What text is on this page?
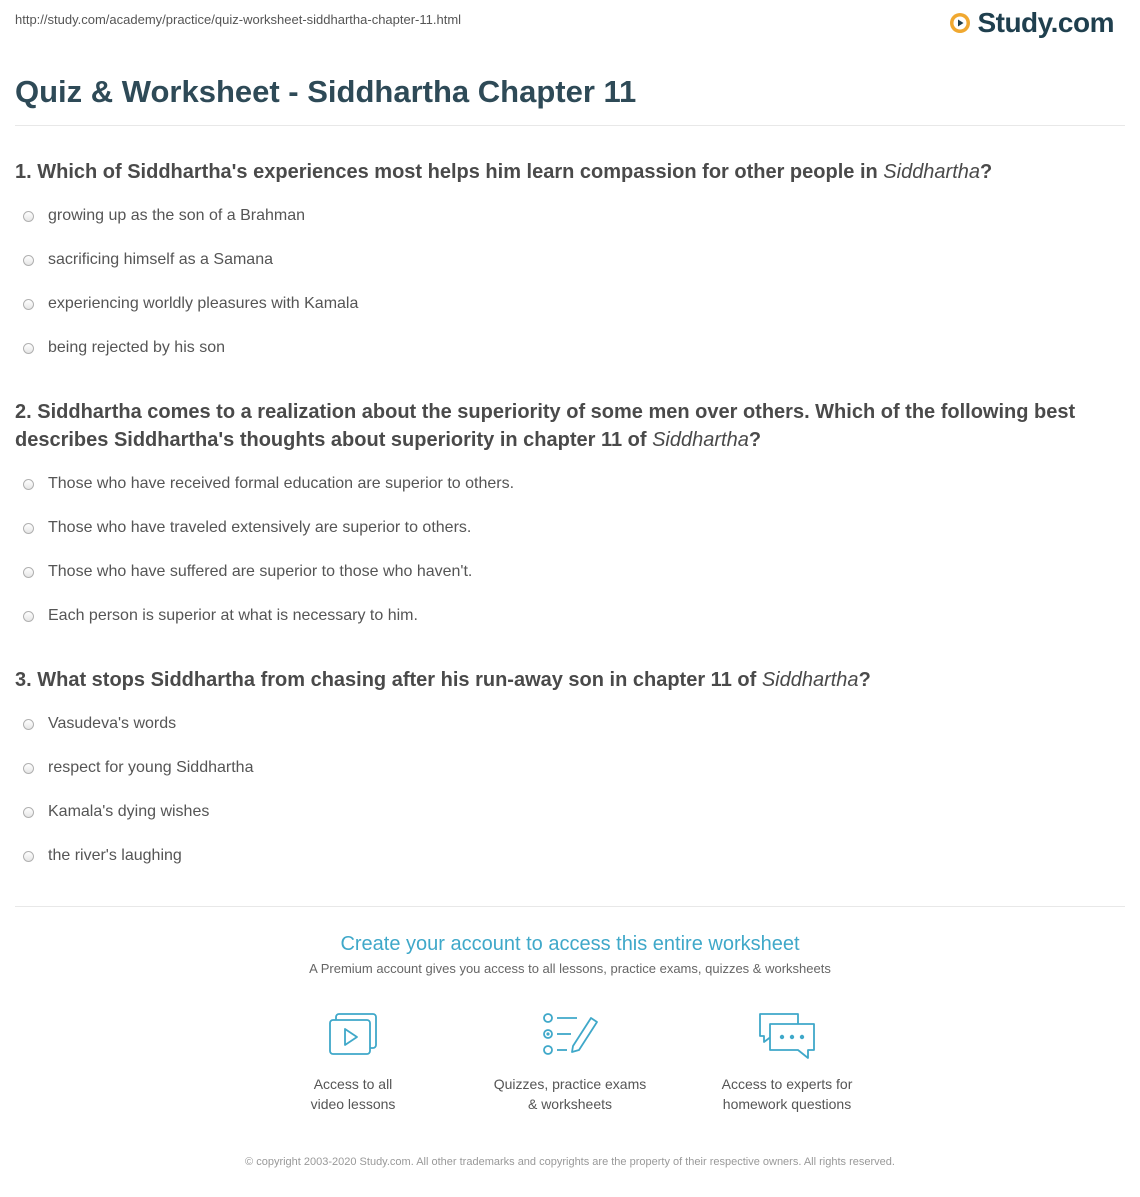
http://study.com/academy/practice/quiz-worksheet-siddhartha-chapter-11.html	Study.com
Quiz & Worksheet - Siddhartha Chapter 11
1. Which of Siddhartha's experiences most helps him learn compassion for other people in Siddhartha?
growing up as the son of a Brahman
sacrificing himself as a Samana
experiencing worldly pleasures with Kamala
being rejected by his son
2. Siddhartha comes to a realization about the superiority of some men over others. Which of the following best describes Siddhartha's thoughts about superiority in chapter 11 of Siddhartha?
Those who have received formal education are superior to others.
Those who have traveled extensively are superior to others.
Those who have suffered are superior to those who haven't.
Each person is superior at what is necessary to him.
3. What stops Siddhartha from chasing after his run-away son in chapter 11 of Siddhartha?
Vasudeva's words
respect for young Siddhartha
Kamala's dying wishes
the river's laughing
Create your account to access this entire worksheet
A Premium account gives you access to all lessons, practice exams, quizzes & worksheets
Access to all
video lessons
Quizzes, practice exams
& worksheets
Access to experts for
homework questions
© copyright 2003-2020 Study.com. All other trademarks and copyrights are the property of their respective owners. All rights reserved.
